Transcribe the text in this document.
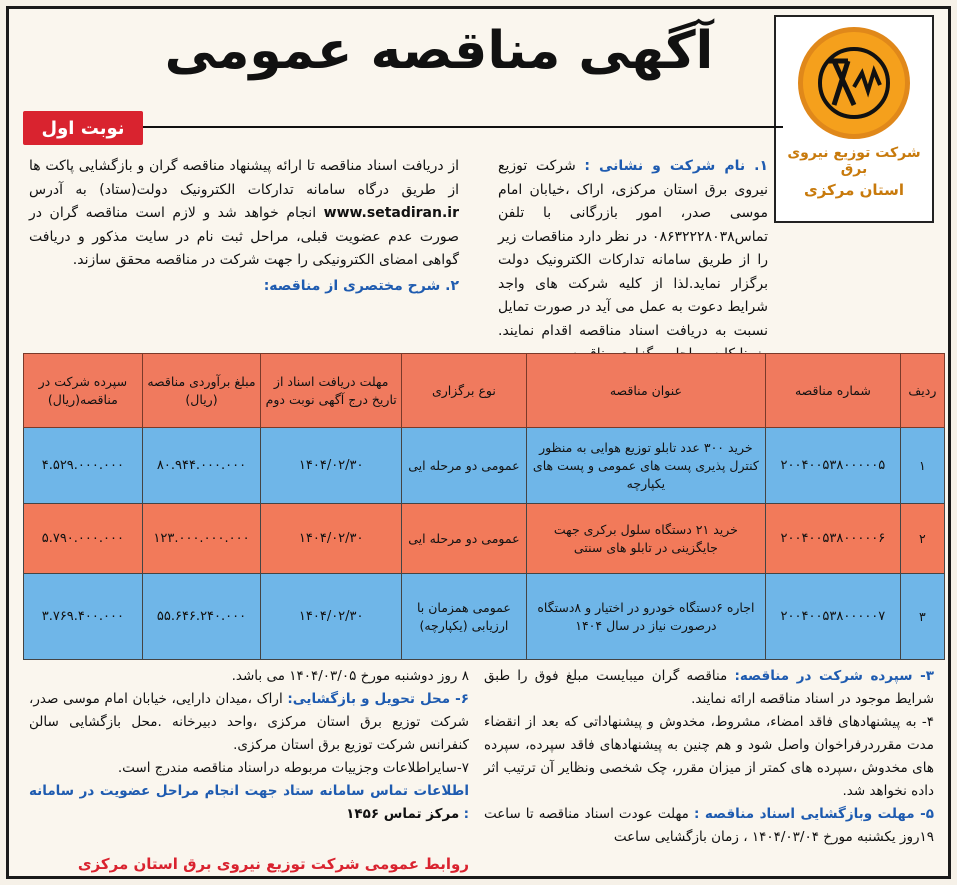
شرکت توزیع نیروی برق
استان مرکزی
آگهی مناقصه عمومی
نوبت اول
۱. نام شرکت و نشانی : شرکت توزیع نیروی برق استان مرکزی، اراک ،خیابان امام موسی صدر، امور بازرگانی با تلفن تماس۰۸۶۳۲۲۲۸۰۳۸ در نظر دارد مناقصات زیر را از طریق سامانه تدارکات الکترونیک دولت برگزار نماید.لذا از کلیه شرکت های واجد شرایط دعوت به عمل می آید در صورت تمایل نسبت به دریافت اسناد مناقصه اقدام نمایند.
از دریافت اسناد مناقصه تا ارائه پیشنهاد مناقصه گران و بازگشایی پاکت ها از طریق درگاه سامانه تدارکات الکترونیک دولت(ستاد) به آدرس www.setadiran.ir انجام خواهد شد و لازم است مناقصه گران در صورت عدم عضویت قبلی، مراحل ثبت نام در سایت مذکور و دریافت گواهی امضای الکترونیکی را جهت شرکت در مناقصه محقق سازند.
۲. شرح مختصری از مناقصه:
ردیف	شماره مناقصه	عنوان مناقصه	نوع برگزاری	مهلت دریافت اسناد از تاریخ درج آگهی نوبت دوم	مبلغ برآوردی مناقصه (ریال)	سپرده شرکت در مناقصه(ریال)
۱	۲۰۰۴۰۰۵۳۸۰۰۰۰۰۵	خرید ۳۰۰ عدد تابلو توزیع هوایی به منظور کنترل پذیری پست های عمومی و پست های یکپارچه	عمومی دو مرحله ایی	۱۴۰۴/۰۲/۳۰	۸۰.۹۴۴.۰۰۰.۰۰۰	۴.۵۲۹.۰۰۰.۰۰۰
۲	۲۰۰۴۰۰۵۳۸۰۰۰۰۰۶	خرید ۲۱ دستگاه سلول برکری جهت جایگزینی در تابلو های سنتی	عمومی دو مرحله ایی	۱۴۰۴/۰۲/۳۰	۱۲۳.۰۰۰.۰۰۰.۰۰۰	۵.۷۹۰.۰۰۰.۰۰۰
۳	۲۰۰۴۰۰۵۳۸۰۰۰۰۰۷	اجاره ۶دستگاه خودرو در اختیار و ۸دستگاه درصورت نیاز در سال ۱۴۰۴	عمومی همزمان با ارزیابی (یکپارچه)	۱۴۰۴/۰۲/۳۰	۵۵.۶۴۶.۲۴۰.۰۰۰	۳.۷۶۹.۴۰۰.۰۰۰

۳- سپرده شرکت در مناقصه: مناقصه گران میبایست مبلغ فوق را طبق شرایط موجود در اسناد مناقصه ارائه نمایند.

۴- به پیشنهادهای فاقد امضاء، مشروط، مخدوش و پیشنهاداتی که بعد از انقضاء مدت مقرردرفراخوان واصل شود و هم چنین به پیشنهادهای فاقد سپرده، سپرده های مخدوش ،سپرده های کمتر از میزان مقرر، چک شخصی ونظایر آن ترتیب اثر داده نخواهد شد.

۵- مهلت وبازگشایی اسناد مناقصه : مهلت عودت اسناد مناقصه تا ساعت ۱۹روز یکشنبه مورخ ۱۴۰۴/۰۳/۰۴ ، زمان بازگشایی ساعت

۸ روز دوشنبه مورخ ۱۴۰۴/۰۳/۰۵ می باشد.

۶- محل تحویل و بازگشایی: اراک ،میدان دارایی، خیابان امام موسی صدر، شرکت توزیع برق استان مرکزی ،واحد دبیرخانه .محل بازگشایی سالن کنفرانس شرکت توزیع برق استان مرکزی.

۷-سایراطلاعات وجزییات مربوطه دراسناد مناقصه مندرج است.

اطلاعات تماس سامانه ستاد جهت انجام مراحل عضویت در سامانه : مرکز تماس ۱۴۵۶

روابط عمومی شرکت توزیع نیروی برق استان مرکزی
